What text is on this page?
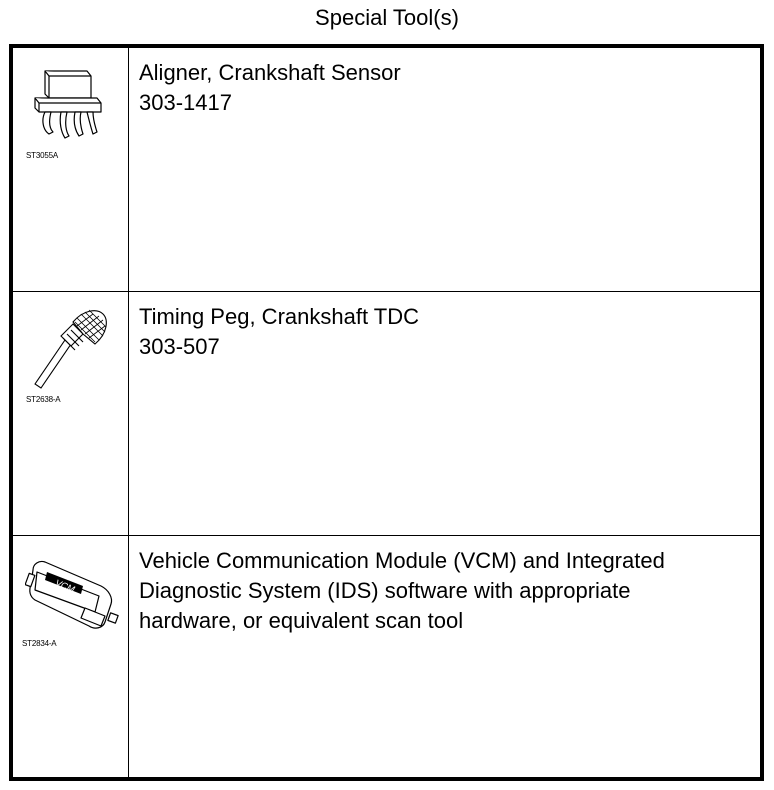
Special Tool(s)
ST3055A
Aligner, Crankshaft Sensor
303-1417
ST2638-A
Timing Peg, Crankshaft TDC
303-507
VCM
ST2834-A
Vehicle Communication Module (VCM) and Integrated
Diagnostic System (IDS) software with appropriate
hardware, or equivalent scan tool
